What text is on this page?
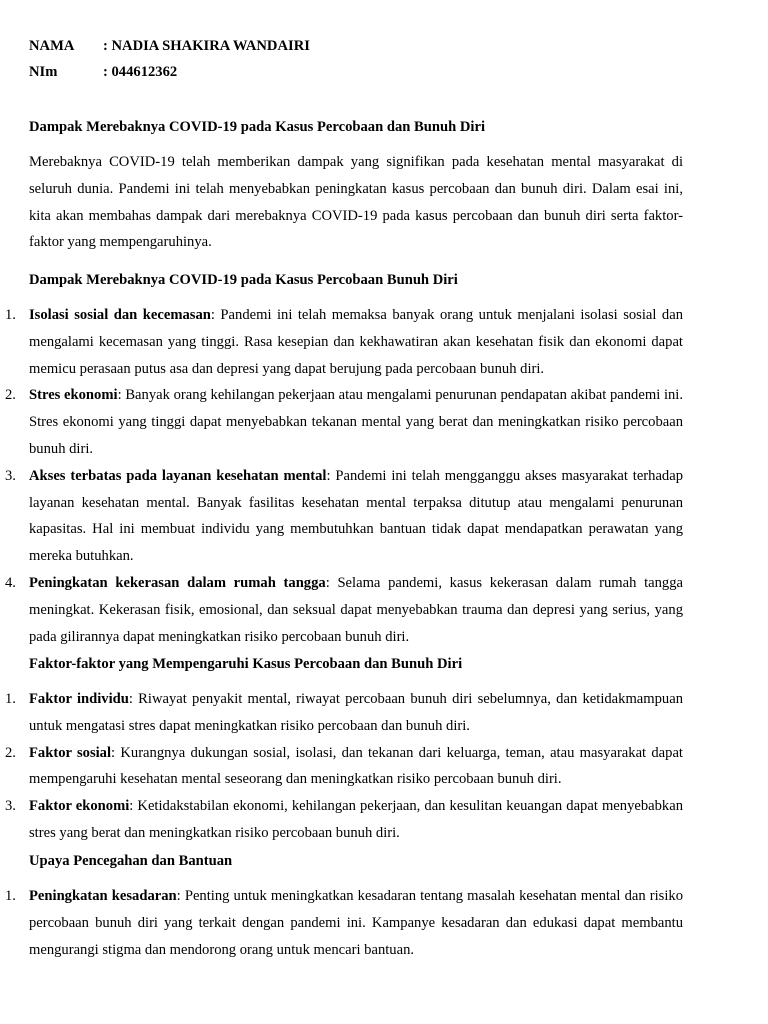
NAMA : NADIA SHAKIRA WANDAIRI
NIm	: 044612362
Dampak Merebaknya COVID-19 pada Kasus Percobaan dan Bunuh Diri

Merebaknya COVID-19 telah memberikan dampak yang signifikan pada kesehatan mental masyarakat di seluruh dunia. Pandemi ini telah menyebabkan peningkatan kasus percobaan dan bunuh diri. Dalam esai ini, kita akan membahas dampak dari merebaknya COVID-19 pada kasus percobaan dan bunuh diri serta faktor-faktor yang mempengaruhinya.

Dampak Merebaknya COVID-19 pada Kasus Percobaan Bunuh Diri
1. Isolasi sosial dan kecemasan: Pandemi ini telah memaksa banyak orang untuk menjalani isolasi sosial dan mengalami kecemasan yang tinggi. Rasa kesepian dan kekhawatiran akan kesehatan fisik dan ekonomi dapat memicu perasaan putus asa dan depresi yang dapat berujung pada percobaan bunuh diri.
2. Stres ekonomi: Banyak orang kehilangan pekerjaan atau mengalami penurunan pendapatan akibat pandemi ini. Stres ekonomi yang tinggi dapat menyebabkan tekanan mental yang berat dan meningkatkan risiko percobaan bunuh diri.
3. Akses terbatas pada layanan kesehatan mental: Pandemi ini telah mengganggu akses masyarakat terhadap layanan kesehatan mental. Banyak fasilitas kesehatan mental terpaksa ditutup atau mengalami penurunan kapasitas. Hal ini membuat individu yang membutuhkan bantuan tidak dapat mendapatkan perawatan yang mereka butuhkan.
4. Peningkatan kekerasan dalam rumah tangga: Selama pandemi, kasus kekerasan dalam rumah tangga meningkat. Kekerasan fisik, emosional, dan seksual dapat menyebabkan trauma dan depresi yang serius, yang pada gilirannya dapat meningkatkan risiko percobaan bunuh diri.
Faktor-faktor yang Mempengaruhi Kasus Percobaan dan Bunuh Diri
1. Faktor individu: Riwayat penyakit mental, riwayat percobaan bunuh diri sebelumnya, dan ketidakmampuan untuk mengatasi stres dapat meningkatkan risiko percobaan dan bunuh diri.
2. Faktor sosial: Kurangnya dukungan sosial, isolasi, dan tekanan dari keluarga, teman, atau masyarakat dapat mempengaruhi kesehatan mental seseorang dan meningkatkan risiko percobaan bunuh diri.
3. Faktor ekonomi: Ketidakstabilan ekonomi, kehilangan pekerjaan, dan kesulitan keuangan dapat menyebabkan stres yang berat dan meningkatkan risiko percobaan bunuh diri.
Upaya Pencegahan dan Bantuan
1. Peningkatan kesadaran: Penting untuk meningkatkan kesadaran tentang masalah kesehatan mental dan risiko percobaan bunuh diri yang terkait dengan pandemi ini. Kampanye kesadaran dan edukasi dapat membantu mengurangi stigma dan mendorong orang untuk mencari bantuan.
